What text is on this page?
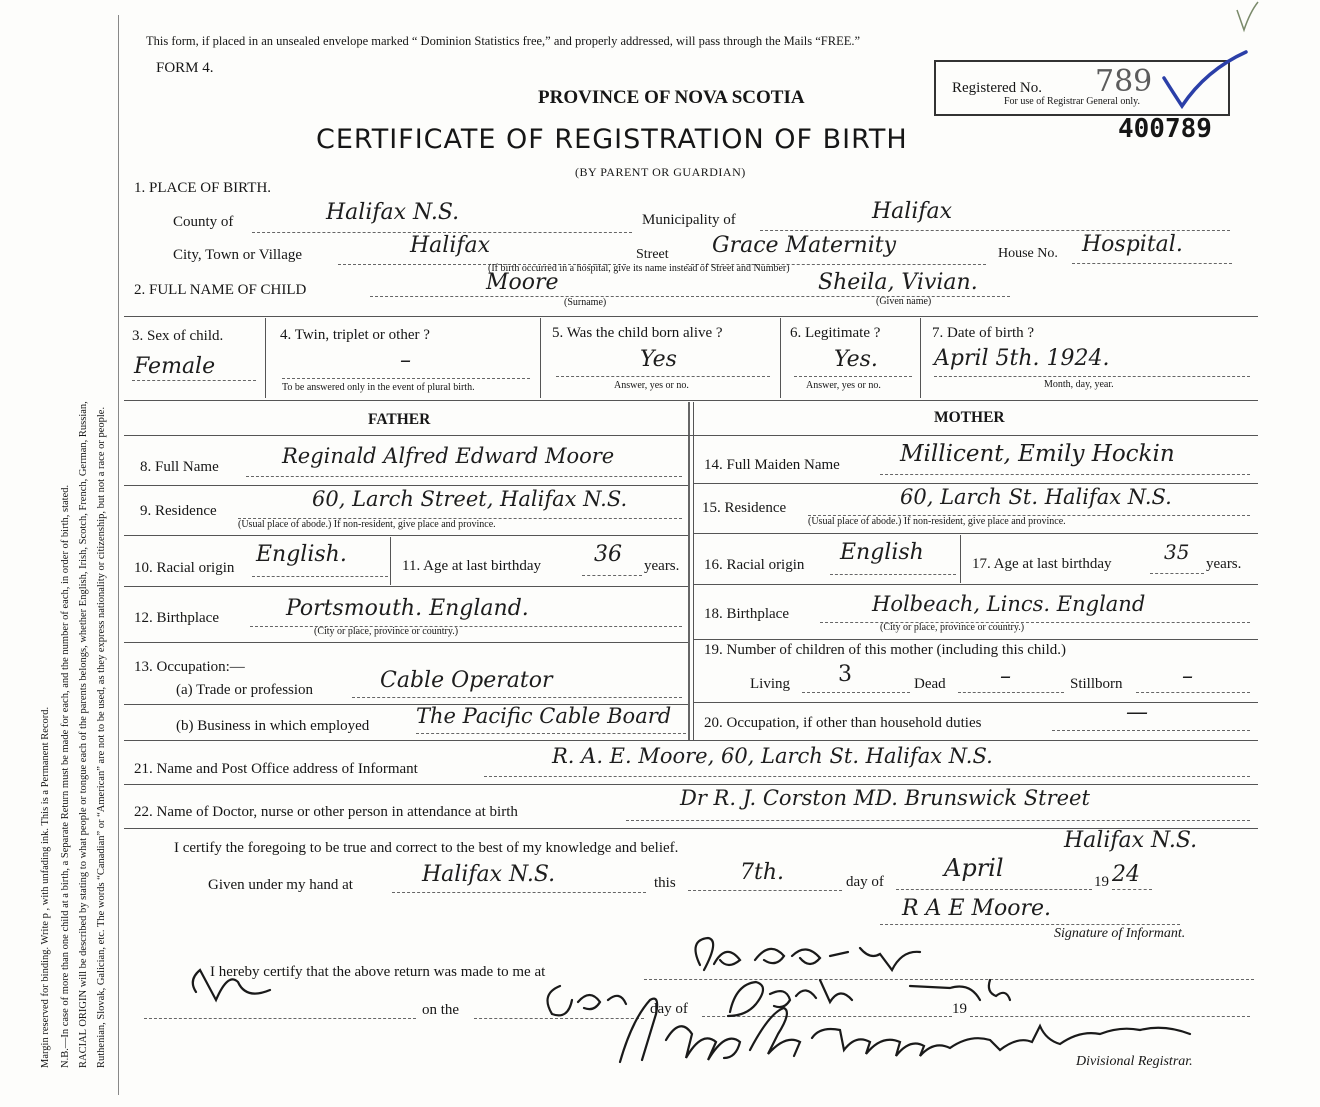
Margin reserved for binding. Write p , with unfading ink. This is a Permanent Record. N.B.—In case of more than one child at a birth, a Separate Return must be made for each, and the number of each, in order of birth, stated. RACIAL ORIGIN will be described by stating to what people or tongue each of the parents belongs, whether English, Irish, Scotch, French, German, Russian, Ruthenian, Slovak, Galician, etc. The words “Canadian” or “American” are not to be used, as they express nationality or citizenship, but not a race or people.
This form, if placed in an unsealed envelope marked “ Dominion Statistics free,” and properly addressed, will pass through the Mails “FREE.”
FORM 4.
PROVINCE OF NOVA SCOTIA
CERTIFICATE OF REGISTRATION OF BIRTH
(BY PARENT OR GUARDIAN)
Registered No. 789
For use of Registrar General only.
400789
1. PLACE OF BIRTH.
County of	Halifax N.S.	Municipality of	Halifax
City, Town or Village	Halifax	Street Grace Maternity	House No. Hospital.
(If birth occurred in a hospital, give its name instead of Street and Number)
2. FULL NAME OF CHILD	Moore
(Surname)
Sheila, Vivian.
(Given name)
3. Sex of child.
Female
4. Twin, triplet or other ?
–
To be answered only in the event of plural birth.
5. Was the child born alive ?
Yes
Answer, yes or no.
6. Legitimate ?
Yes.
Answer, yes or no.
7. Date of birth ?
April 5th. 1924.
Month, day, year.
FATHER	MOTHER
8. Full Name	Reginald Alfred Edward Moore
9. Residence	60, Larch Street, Halifax N.S.
(Usual place of abode.) If non-resident, give place and province.
10. Racial origin
English.	11. Age at last birthday 36 years.
12. Birthplace	Portsmouth. England.
(City or place, province or country.)
13. Occupation:—
(a) Trade or profession	Cable Operator
(b) Business in which employed The Pacific Cable Board
14. Full Maiden Name	Millicent, Emily Hockin
15. Residence	60, Larch St. Halifax N.S.
(Usual place of abode.) If non-resident, give place and province.
16. Racial origin English	17. Age at last birthday	35 years.
18. Birthplace	Holbeach, Lincs. England
(City or place, province or country.)
19. Number of children of this mother (including this child.)
Living 3	Dead –	Stillborn	–
20. Occupation, if other than household duties	—
21. Name and Post Office address of Informant
R. A. E. Moore, 60, Larch St. Halifax N.S.
22. Name of Doctor, nurse or other person in attendance at birth
Dr R. J. Corston MD. Brunswick Street
Halifax N.S.
I certify the foregoing to be true and correct to the best of my knowledge and belief.
Given under my hand at	Halifax N.S.	this	7th.	day of	April	19 24
R A E Moore.
Signature of Informant.
I hereby certify that the above return was made to me at
on the	day of	19
Divisional Registrar.
